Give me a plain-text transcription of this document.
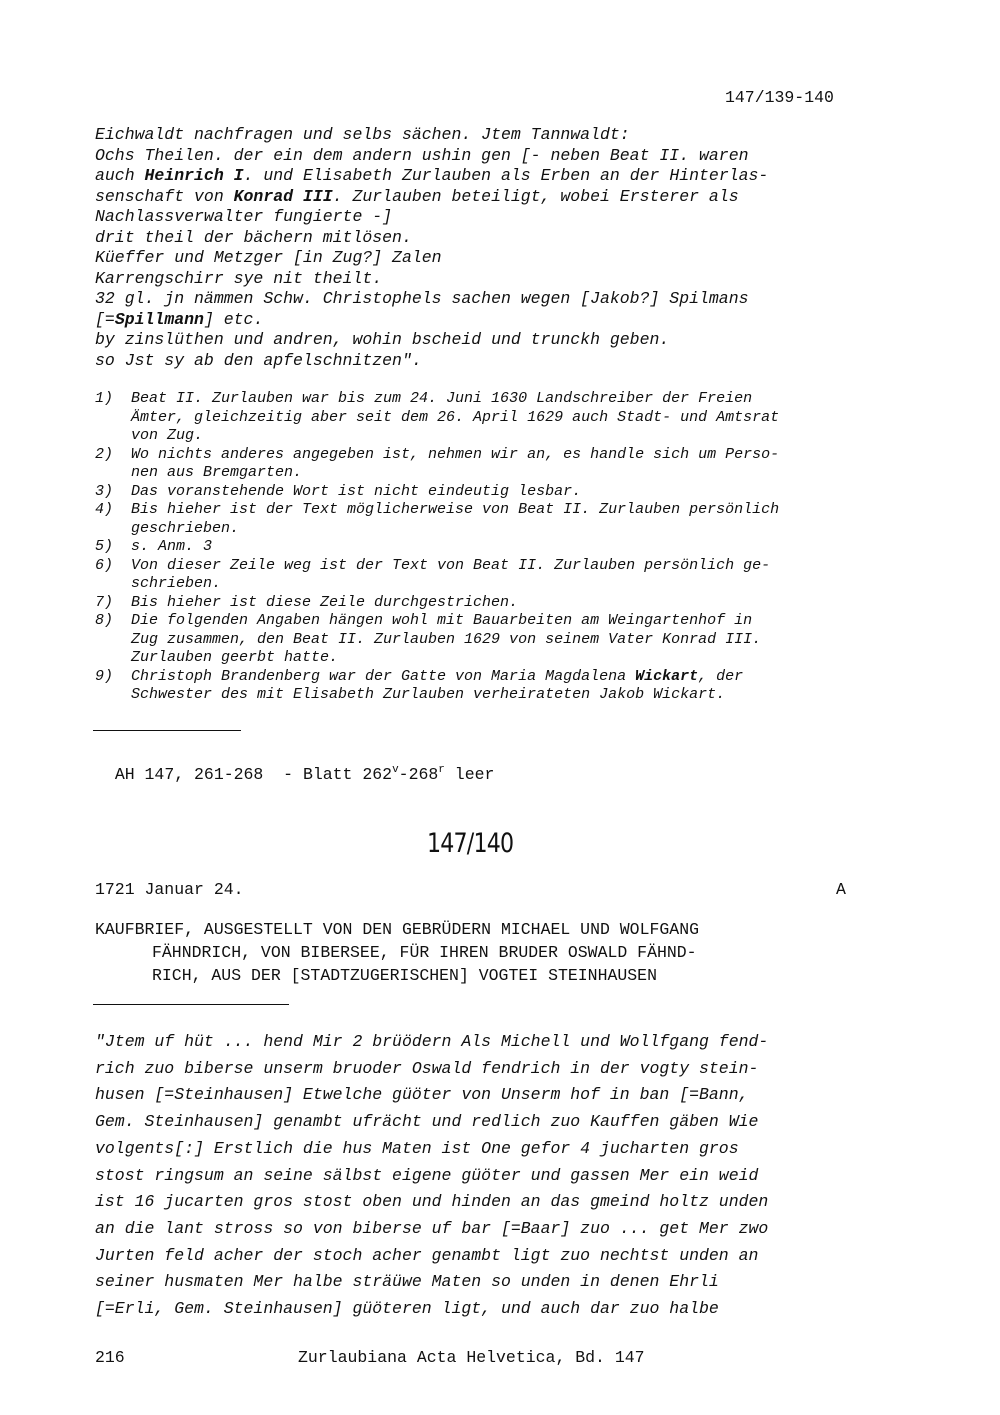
147/139-140
Eichwaldt nachfragen und selbs sächen. Jtem Tannwaldt:
Ochs Theilen. der ein dem andern ushin gen [- neben Beat II. waren
auch Heinrich I. und Elisabeth Zurlauben als Erben an der Hinterlas-
senschaft von Konrad III. Zurlauben beteiligt, wobei Ersterer als
Nachlassverwalter fungierte -]
drit theil der bächern mitlösen.
Küeffer und Metzger [in Zug?] Zalen
Karrengschirr sye nit theilt.
32 gl. jn nämmen Schw. Christophels sachen wegen [Jakob?] Spilmans
[=Spillmann] etc.
by zinslüthen und andren, wohin bscheid und trunckh geben.
so Jst sy ab den apfelschnitzen".
1)	Beat II. Zurlauben war bis zum 24. Juni 1630 Landschreiber der Freien
Ämter, gleichzeitig aber seit dem 26. April 1629 auch Stadt- und Amtsrat
von Zug.
2)	Wo nichts anderes angegeben ist, nehmen wir an, es handle sich um Perso-
nen aus Bremgarten.
3)	Das voranstehende Wort ist nicht eindeutig lesbar.
4)	Bis hieher ist der Text möglicherweise von Beat II. Zurlauben persönlich
geschrieben.
5)	s. Anm. 3
6)	Von dieser Zeile weg ist der Text von Beat II. Zurlauben persönlich ge-
schrieben.
7)	Bis hieher ist diese Zeile durchgestrichen.
8)	Die folgenden Angaben hängen wohl mit Bauarbeiten am Weingartenhof in
Zug zusammen, den Beat II. Zurlauben 1629 von seinem Vater Konrad III.
Zurlauben geerbt hatte.
9)	Christoph Brandenberg war der Gatte von Maria Magdalena Wickart, der
Schwester des mit Elisabeth Zurlauben verheirateten Jakob Wickart.

AH 147, 261-268  - Blatt 262$^v$-268$^r$ leer

147/140
1721 Januar 24.	A
KAUFBRIEF, AUSGESTELLT VON DEN GEBRÜDERN MICHAEL UND WOLFGANG
FÄHNDRICH, VON BIBERSEE, FÜR IHREN BRUDER OSWALD FÄHND-
RICH, AUS DER [STADTZUGERISCHEN] VOGTEI STEINHAUSEN
"Jtem uf hüt ... hend Mir 2 brüödern Als Michell und Wollfgang fend-
rich zuo biberse unserm bruoder Oswald fendrich in der vogty stein-
husen [=Steinhausen] Etwelche güöter von Unserm hof in ban [=Bann,
Gem. Steinhausen] genambt ufrächt und redlich zuo Kauffen gäben Wie
volgents[:] Erstlich die hus Maten ist One gefor 4 jucharten gros
stost ringsum an seine sälbst eigene güöter und gassen Mer ein weid
ist 16 jucarten gros stost oben und hinden an das gmeind holtz unden
an die lant stross so von biberse uf bar [=Baar] zuo ... get Mer zwo
Jurten feld acher der stoch acher genambt ligt zuo nechtst unden an
seiner husmaten Mer halbe sträüwe Maten so unden in denen Ehrli
[=Erli, Gem. Steinhausen] güöteren ligt, und auch dar zuo halbe
216	Zurlaubiana Acta Helvetica, Bd. 147
